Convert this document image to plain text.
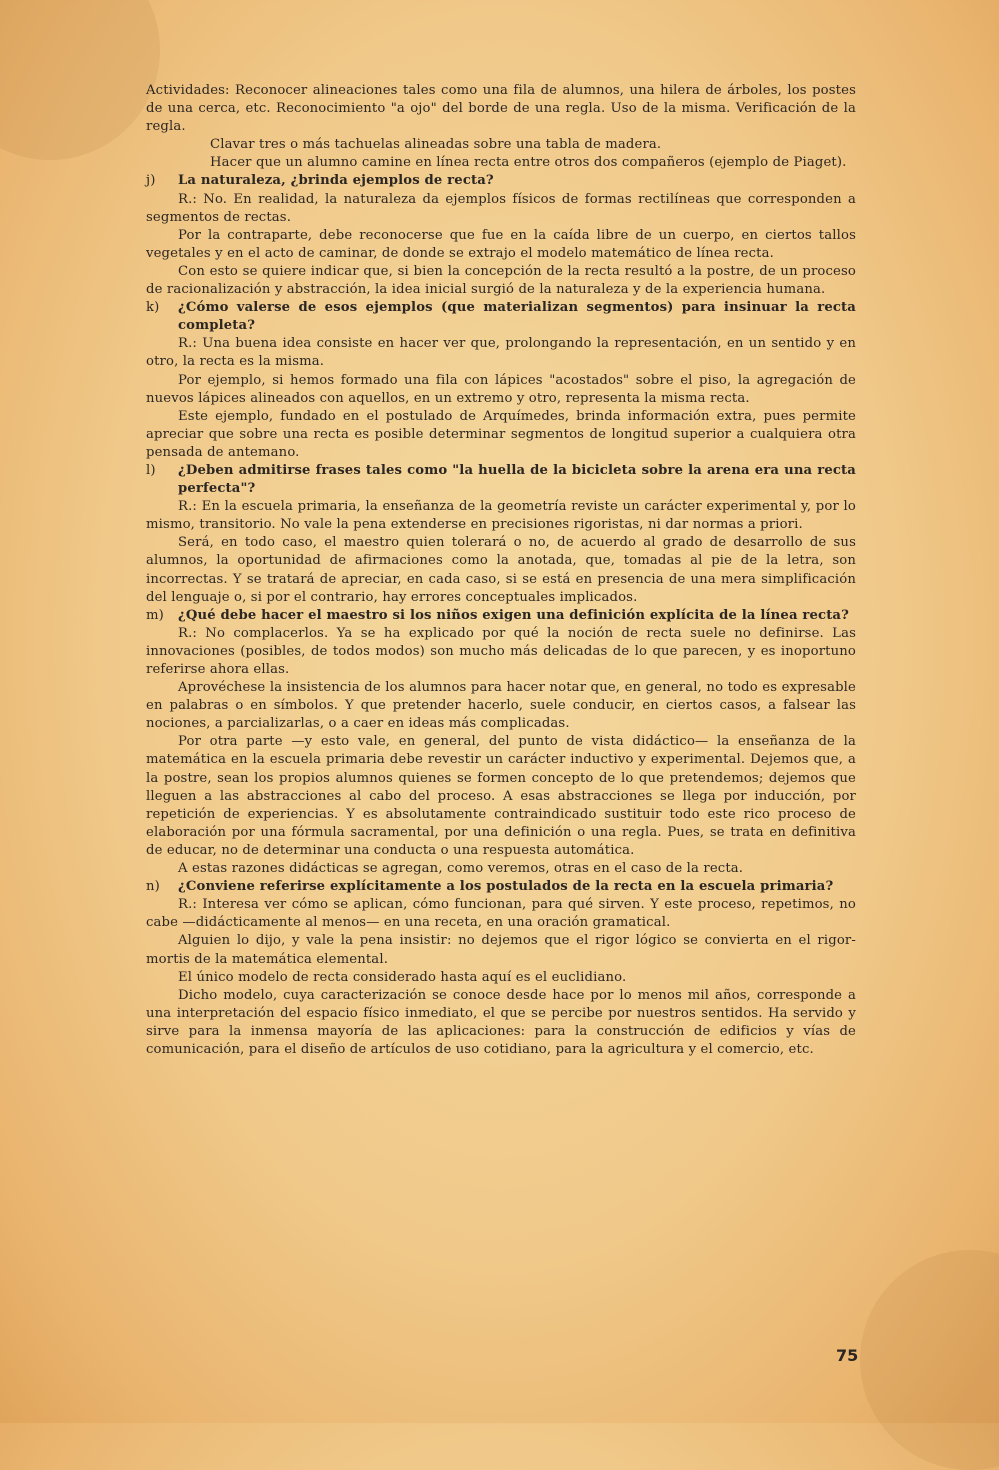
Actividades: Reconocer alineaciones tales como una fila de alumnos, una hilera de árboles, los postes de una cerca, etc. Reconocimiento "a ojo" del borde de una regla. Uso de la misma. Verificación de la regla.

Clavar tres o más tachuelas alineadas sobre una tabla de madera.

Hacer que un alumno camine en línea recta entre otros dos compañeros (ejemplo de Piaget).

j) La naturaleza, ¿brinda ejemplos de recta?

R.: No. En realidad, la naturaleza da ejemplos físicos de formas rectilíneas que corresponden a segmentos de rectas.

Por la contraparte, debe reconocerse que fue en la caída libre de un cuerpo, en ciertos tallos vegetales y en el acto de caminar, de donde se extrajo el modelo matemático de línea recta.

Con esto se quiere indicar que, si bien la concepción de la recta resultó a la postre, de un proceso de racionalización y abstracción, la idea inicial surgió de la naturaleza y de la experiencia humana.

k) ¿Cómo valerse de esos ejemplos (que materializan segmentos) para insinuar la recta completa?

R.: Una buena idea consiste en hacer ver que, prolongando la representación, en un sentido y en otro, la recta es la misma.

Por ejemplo, si hemos formado una fila con lápices "acostados" sobre el piso, la agregación de nuevos lápices alineados con aquellos, en un extremo y otro, representa la misma recta.

Este ejemplo, fundado en el postulado de Arquímedes, brinda información extra, pues permite apreciar que sobre una recta es posible determinar segmentos de longitud superior a cualquiera otra pensada de antemano.

l) ¿Deben admitirse frases tales como "la huella de la bicicleta sobre la arena era una recta perfecta"?

R.: En la escuela primaria, la enseñanza de la geometría reviste un carácter experimental y, por lo mismo, transitorio. No vale la pena extenderse en precisiones rigoristas, ni dar normas a priori.

Será, en todo caso, el maestro quien tolerará o no, de acuerdo al grado de desarrollo de sus alumnos, la oportunidad de afirmaciones como la anotada, que, tomadas al pie de la letra, son incorrectas. Y se tratará de apreciar, en cada caso, si se está en presencia de una mera simplificación del lenguaje o, si por el contrario, hay errores conceptuales implicados.

m) ¿Qué debe hacer el maestro si los niños exigen una definición explícita de la línea recta?

R.: No complacerlos. Ya se ha explicado por qué la noción de recta suele no definirse. Las innovaciones (posibles, de todos modos) son mucho más delicadas de lo que parecen, y es inoportuno referirse ahora ellas.

Aprovéchese la insistencia de los alumnos para hacer notar que, en general, no todo es expresable en palabras o en símbolos. Y que pretender hacerlo, suele conducir, en ciertos casos, a falsear las nociones, a parcializarlas, o a caer en ideas más complicadas.

Por otra parte —y esto vale, en general, del punto de vista didáctico— la enseñanza de la matemática en la escuela primaria debe revestir un carácter inductivo y experimental. Dejemos que, a la postre, sean los propios alumnos quienes se formen concepto de lo que pretendemos; dejemos que lleguen a las abstracciones al cabo del proceso. A esas abstracciones se llega por inducción, por repetición de experiencias. Y es absolutamente contraindicado sustituir todo este rico proceso de elaboración por una fórmula sacramental, por una definición o una regla. Pues, se trata en definitiva de educar, no de determinar una conducta o una respuesta automática.

A estas razones didácticas se agregan, como veremos, otras en el caso de la recta.

n) ¿Conviene referirse explícitamente a los postulados de la recta en la escuela primaria?

R.: Interesa ver cómo se aplican, cómo funcionan, para qué sirven. Y este proceso, repetimos, no cabe —didácticamente al menos— en una receta, en una oración gramatical.

Alguien lo dijo, y vale la pena insistir: no dejemos que el rigor lógico se convierta en el rigor-mortis de la matemática elemental.

El único modelo de recta considerado hasta aquí es el euclidiano.

Dicho modelo, cuya caracterización se conoce desde hace por lo menos mil años, corresponde a una interpretación del espacio físico inmediato, el que se percibe por nuestros sentidos. Ha servido y sirve para la inmensa mayoría de las aplicaciones: para la construcción de edificios y vías de comunicación, para el diseño de artículos de uso cotidiano, para la agricultura y el comercio, etc.

75
